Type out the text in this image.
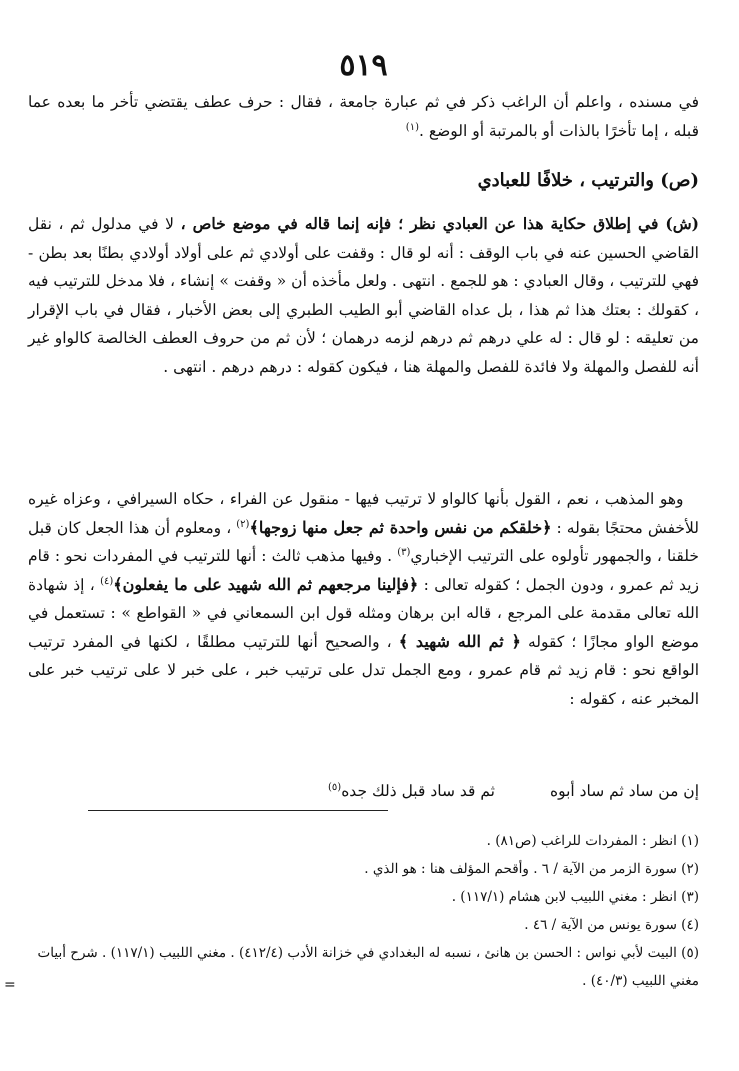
٥١٩
في مسنده ، واعلم أن الراغب ذكر في ثم عبارة جامعة ، فقال : حرف عطف يقتضي تأخر ما بعده عما قبله ، إما تأخرًا بالذات أو بالمرتبة أو الوضع .$^{(١)}$
(ص) والترتيب ، خلافًا للعبادي
(ش) في إطلاق حكاية هذا عن العبادي نظر ؛ فإنه إنما قاله في موضع خاص ، لا في مدلول ثم ، نقل القاضي الحسين عنه في باب الوقف : أنه لو قال : وقفت على أولادي ثم على أولاد أولادي بطنًا بعد بطن - فهي للترتيب ، وقال العبادي : هو للجمع . انتهى . ولعل مأخذه أن « وقفت » إنشاء ، فلا مدخل للترتيب فيه ، كقولك : بعتك هذا ثم هذا ، بل عداه القاضي أبو الطيب الطبري إلى بعض الأخبار ، فقال في باب الإقرار من تعليقه : لو قال : له علي درهم ثم درهم لزمه درهمان ؛ لأن ثم من حروف العطف الخالصة كالواو غير أنه للفصل والمهلة ولا فائدة للفصل والمهلة هنا ، فيكون كقوله : درهم درهم . انتهى .
 وهو المذهب ، نعم ، القول بأنها كالواو لا ترتيب فيها - منقول عن الفراء ، حكاه السيرافي ، وعزاه غيره للأخفش محتجًا بقوله : ﴿خلقكم من نفس واحدة ثم جعل منها زوجها﴾$^{(٢)}$ ، ومعلوم أن هذا الجعل كان قبل خلقنا ، والجمهور تأولوه على الترتيب الإخباري$^{(٣)}$ . وفيها مذهب ثالث : أنها للترتيب في المفردات نحو : قام زيد ثم عمرو ، ودون الجمل ؛ كقوله تعالى : ﴿فإلينا مرجعهم ثم الله شهيد على ما يفعلون﴾$^{(٤)}$ ، إذ شهادة الله تعالى مقدمة على المرجع ، قاله ابن برهان ومثله قول ابن السمعاني في « القواطع » : تستعمل في موضع الواو مجازًا ؛ كقوله ﴿ ثم الله شهيد ﴾ ، والصحيح أنها للترتيب مطلقًا ، لكنها في المفرد ترتيب الواقع نحو : قام زيد ثم قام عمرو ، ومع الجمل تدل على ترتيب خبر ، على خبر لا على ترتيب خبر على المخبر عنه ، كقوله :
إن من ساد ثم ساد أبوه
ثم قد ساد قبل ذلك جده$^{(٥)}$
(١) انظر : المفردات للراغب (ص٨١) .
(٢) سورة الزمر من الآية / ٦ . وأقحم المؤلف هنا : هو الذي .
(٣) انظر : مغني اللبيب لابن هشام (١١٧/١) .
(٤) سورة يونس من الآية / ٤٦ .
(٥) البيت لأبي نواس : الحسن بن هانئ ، نسبه له البغدادي في خزانة الأدب (٤١٢/٤) . مغني اللبيب (١١٧/١) . شرح أبيات مغني اللبيب (٤٠/٣) .
=
